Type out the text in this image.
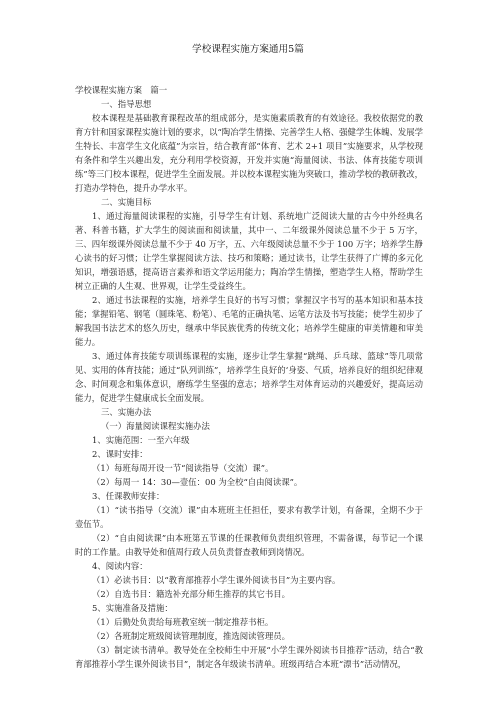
学校课程实施方案通用5篇

学校课程实施方案　篇一

一、指导思想

校本课程是基础教育课程改革的组成部分，是实施素质教育的有效途径。我校依据党的教育方针和国家课程实施计划的要求，以“陶冶学生情操、完善学生人格、强健学生体魄、发展学生特长、丰富学生文化底蕴”为宗旨，结合教育部“体育、艺术 2+1 项目”实施要求，从学校现有条件和学生兴趣出发，充分利用学校资源，开发并实施“海量阅读、书法、体育技能专项训练”等三门校本课程，促进学生全面发展。并以校本课程实施为突破口，推动学校的教研教改，打造办学特色，提升办学水平。

二、实施目标

1、通过海量阅读课程的实施，引导学生有计划、系统地广泛阅读大量的古今中外经典名著、科普书籍，扩大学生的阅读面和阅读量，其中一、二年级课外阅读总量不少于 5 万字，三、四年级课外阅读总量不少于 40 万字，五、六年级阅读总量不少于 100 万字；培养学生静心读书的好习惯；让学生掌握阅读方法、技巧和策略；通过读书，让学生获得了广博的多元化知识，增强语感，提高语言素养和语文学运用能力；陶冶学生情操，塑造学生人格，帮助学生树立正确的人生观、世界观，让学生受益终生。

2、通过书法课程的实施，培养学生良好的书写习惯；掌握汉字书写的基本知识和基本技能；掌握铅笔、钢笔（圆珠笔、粉笔）、毛笔的正确执笔、运笔方法及书写技能；使学生初步了解我国书法艺术的悠久历史，继承中华民族优秀的传统文化；培养学生健康的审美情趣和审美能力。

3、通过体育技能专项训练课程的实施，逐步让学生掌握“跳绳、乒乓球、篮球”等几项常见、实用的体育技能；通过“队列训练”，培养学生良好的‘身姿、气质，培养良好的组织纪律观念、时间观念和集体意识，磨练学生坚强的意志；培养学生对体育运动的兴趣爱好，提高运动能力，促进学生健康成长全面发展。

三、实施办法

（一）海量阅读课程实施办法

1、实施范围：一至六年级

2、课时安排：

（1）每班每周开设一节“阅读指导（交流）课”。

（2）每周一 14：30—壹伍：00 为全校“自由阅读课”。

3、任课教师安排：

（1）“读书指导（交流）课”由本班班主任担任，要求有教学计划，有备课，全期不少于壹伍节。

（2）“自由阅读课”由本班第五节课的任课教师负责组织管理，不需备课，每节记一个课时的工作量。由教导处和值周行政人员负责督查教师到岗情况。

4、阅读内容：

（1）必读书目：以“教育部推荐小学生课外阅读书目”为主要内容。

（2）自选书目：籍选补充部分师生推荐的其它书目。

5、实施准备及措施：

（1）后勤处负责给每班教室统一制定推荐书柜。

（2）各班制定班级阅读管理制度，推选阅读管理员。

（3）制定读书清单。教导处在全校师生中开展“小学生课外阅读书目推荐”活动，结合“教育部推荐小学生课外阅读书目”，制定各年级读书清单。班级再结合本班“漂书”活动情况，
